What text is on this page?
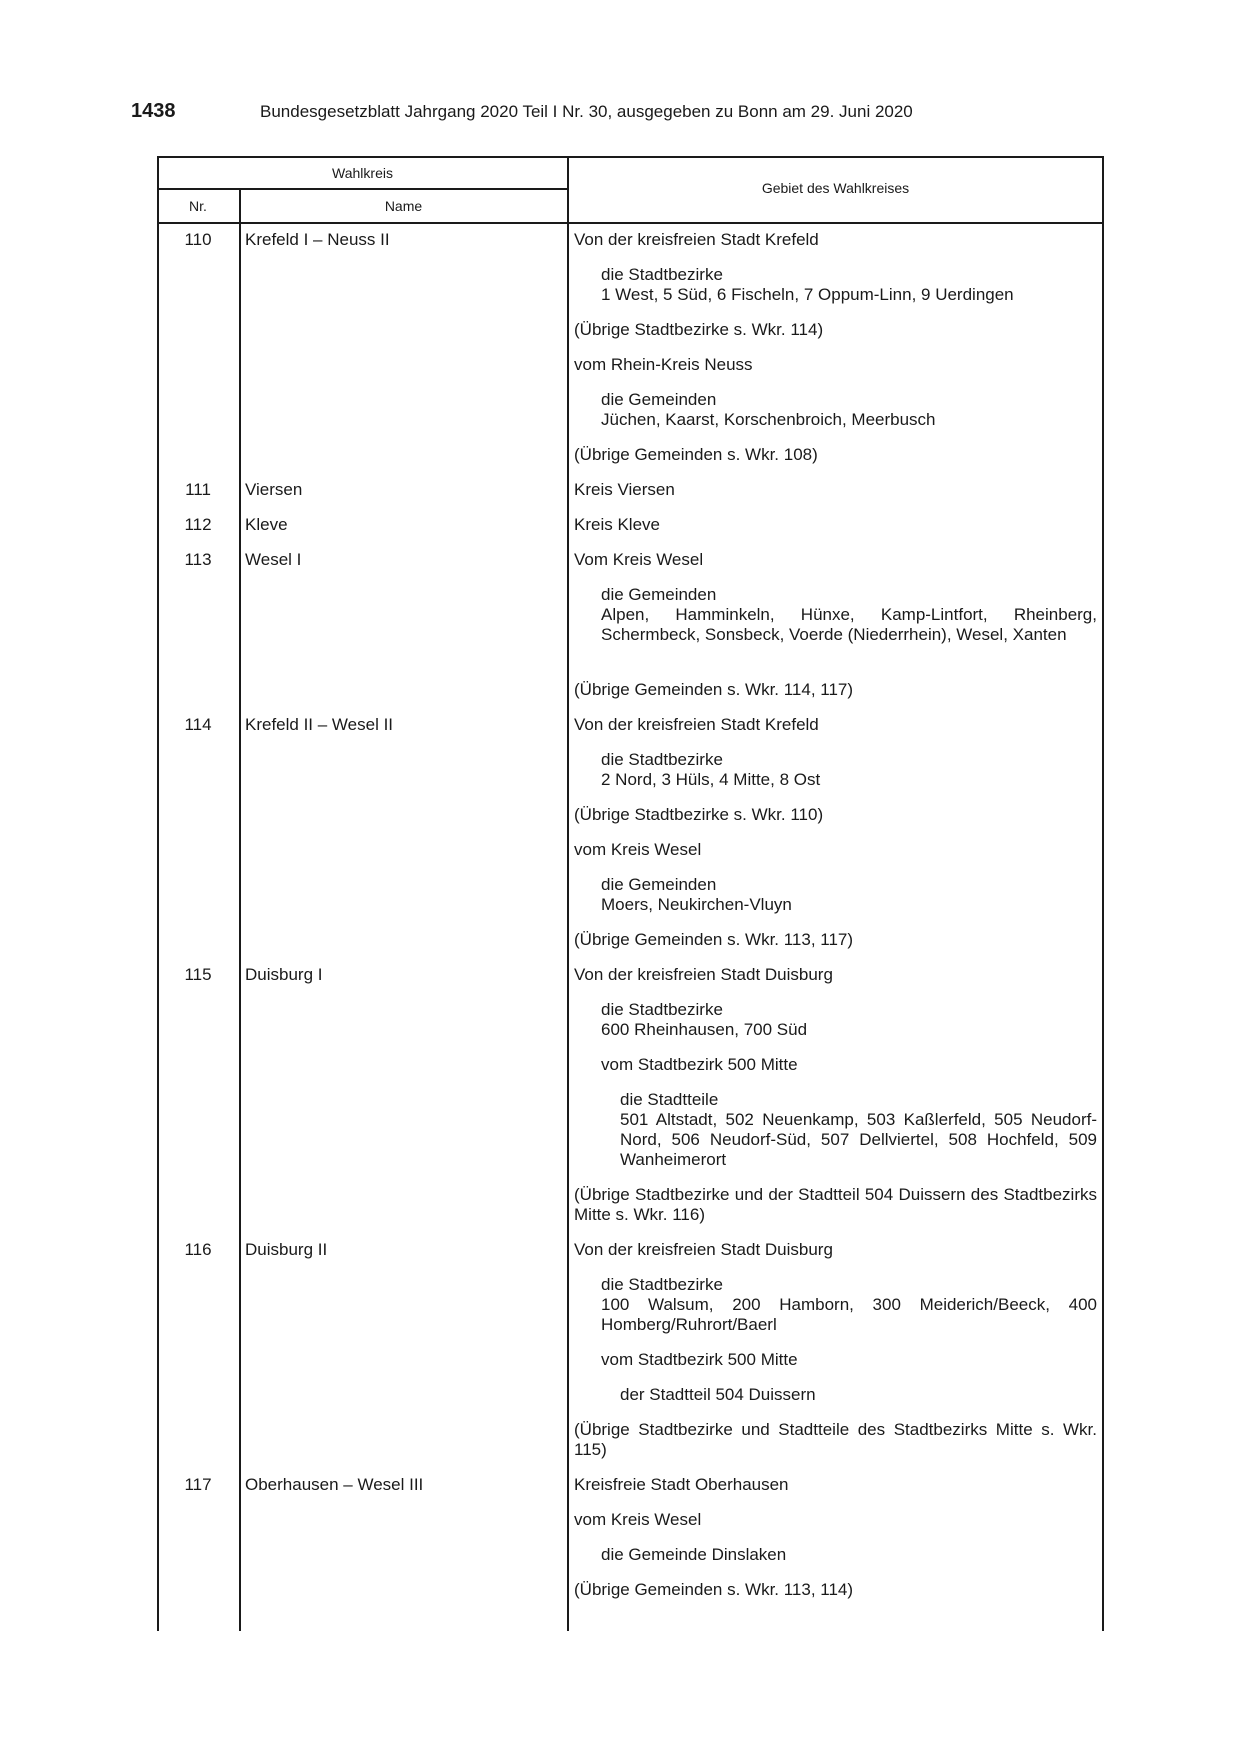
1438	Bundesgesetzblatt Jahrgang 2020 Teil I Nr. 30, ausgegeben zu Bonn am 29. Juni 2020
Wahlkreis
Nr.	Name
Gebiet des Wahlkreises
110	Krefeld I – Neuss II	Von der kreisfreien Stadt Krefeld
die Stadtbezirke
1 West, 5 Süd, 6 Fischeln, 7 Oppum-Linn, 9 Uerdingen
(Übrige Stadtbezirke s. Wkr. 114)
vom Rhein-Kreis Neuss
die Gemeinden
Jüchen, Kaarst, Korschenbroich, Meerbusch
(Übrige Gemeinden s. Wkr. 108)
111	Viersen	Kreis Viersen
112	Kleve	Kreis Kleve
113	Wesel I	Vom Kreis Wesel
die Gemeinden
Alpen, Hamminkeln, Hünxe, Kamp-Lintfort, Rheinberg, Schermbeck, Sonsbeck, Voerde (Niederrhein), Wesel, Xanten
(Übrige Gemeinden s. Wkr. 114, 117)
114	Krefeld II – Wesel II	Von der kreisfreien Stadt Krefeld
die Stadtbezirke
2 Nord, 3 Hüls, 4 Mitte, 8 Ost
(Übrige Stadtbezirke s. Wkr. 110)
vom Kreis Wesel
die Gemeinden
Moers, Neukirchen-Vluyn
(Übrige Gemeinden s. Wkr. 113, 117)
115	Duisburg I	Von der kreisfreien Stadt Duisburg
die Stadtbezirke
600 Rheinhausen, 700 Süd
vom Stadtbezirk 500 Mitte
die Stadtteile
501 Altstadt, 502 Neuenkamp, 503 Kaßlerfeld, 505 Neudorf-Nord, 506 Neudorf-Süd, 507 Dellviertel, 508 Hochfeld, 509 Wanheimerort
(Übrige Stadtbezirke und der Stadtteil 504 Duissern des Stadtbezirks Mitte s. Wkr. 116)
116	Duisburg II	Von der kreisfreien Stadt Duisburg
die Stadtbezirke
100 Walsum, 200 Hamborn, 300 Meiderich/Beeck, 400 Homberg/Ruhrort/Baerl
vom Stadtbezirk 500 Mitte
der Stadtteil 504 Duissern
(Übrige Stadtbezirke und Stadtteile des Stadtbezirks Mitte s. Wkr. 115)
117	Oberhausen – Wesel III	Kreisfreie Stadt Oberhausen
vom Kreis Wesel
die Gemeinde Dinslaken
(Übrige Gemeinden s. Wkr. 113, 114)
